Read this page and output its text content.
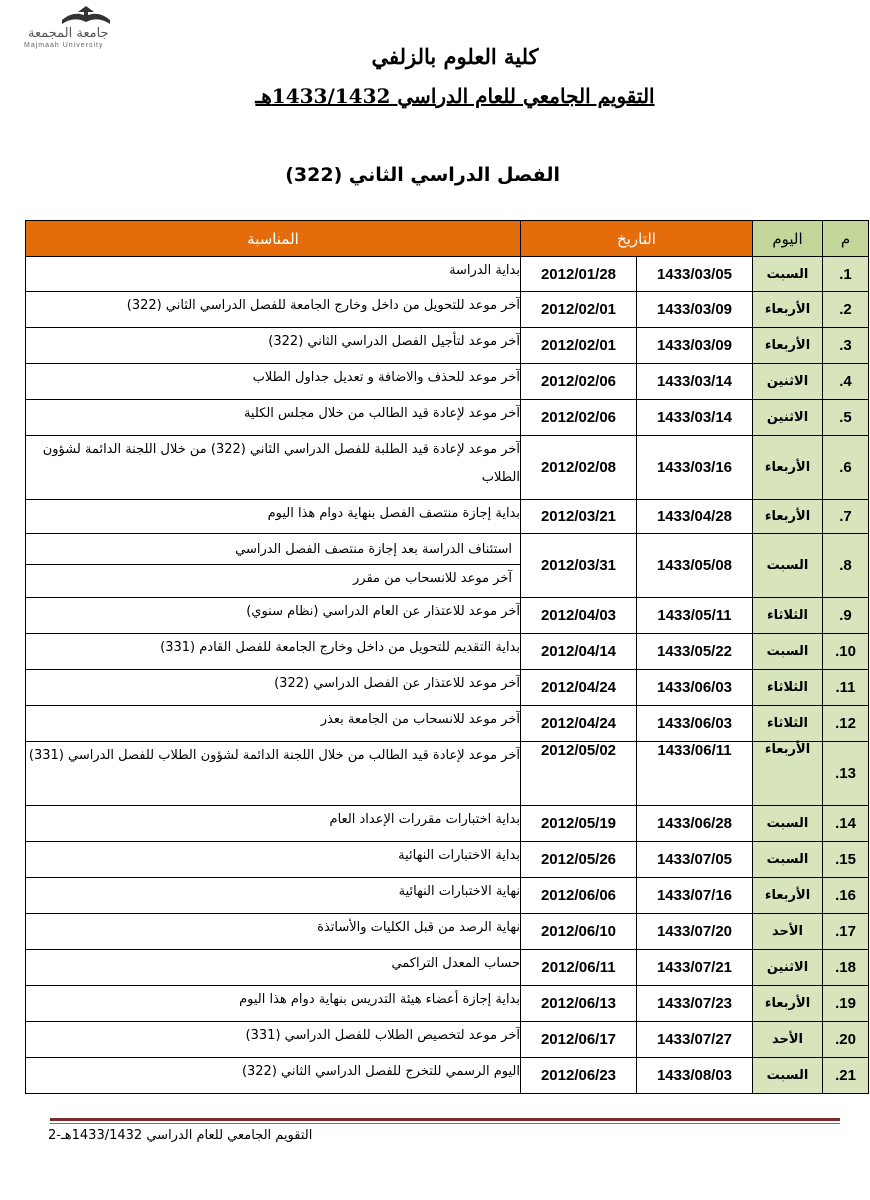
جامعة المجمعة
Majmaah University	كلية العلوم بالزلفي
التقويم الجامعي للعام الدراسي 1433/1432هـ
الفصل الدراسي الثاني (322)
م	اليوم	التاريخ		المناسبة
1.	السبت	1433/03/05	2012/01/28	بداية الدراسة
2.	الأربعاء	1433/03/09	2012/02/01	آخر موعد للتحويل من داخل وخارج الجامعة للفصل الدراسي الثاني (322)
3.	الأربعاء	1433/03/09	2012/02/01	آخر موعد لتأجيل الفصل الدراسي الثاني (322)
4.	الاثنين	1433/03/14	2012/02/06	آخر موعد للحذف والاضافة و تعديل جداول الطلاب
5.	الاثنين	1433/03/14	2012/02/06	آخر موعد لإعادة قيد الطالب من خلال مجلس الكلية
6.	الأربعاء	1433/03/16	2012/02/08	آخر موعد لإعادة قيد الطلبة للفصل الدراسي الثاني (322) من خلال اللجنة الدائمة لشؤون الطلاب
7.	الأربعاء	1433/04/28	2012/03/21	بداية إجازة منتصف الفصل بنهاية دوام هذا اليوم
8.	السبت	1433/05/08	2012/03/31	استئناف الدراسة بعد إجازة منتصف الفصل الدراسي
آخر موعد للانسحاب من مقرر

9.	الثلاثاء	1433/05/11	2012/04/03	آخر موعد للاعتذار عن العام الدراسي (نظام سنوي)
10.	السبت	1433/05/22	2012/04/14	بداية التقديم للتحويل من داخل وخارج الجامعة للفصل القادم (331)
11.	الثلاثاء	1433/06/03	2012/04/24	آخر موعد للاعتذار عن الفصل الدراسي (322)
12.	الثلاثاء	1433/06/03	2012/04/24	آخر موعد للانسحاب من الجامعة بعذر
13.	الأربعاء	1433/06/11	2012/05/02	آخر موعد لإعادة قيد الطالب من خلال اللجنة الدائمة لشؤون الطلاب للفصل الدراسي (331)
14.	السبت	1433/06/28	2012/05/19	بداية اختبارات مقررات الإعداد العام
15.	السبت	1433/07/05	2012/05/26	بداية الاختبارات النهائية
16.	الأربعاء	1433/07/16	2012/06/06	نهاية الاختبارات النهائية
17.	الأحد	1433/07/20	2012/06/10	نهاية الرصد من قبل الكليات والأساتذة
18.	الاثنين	1433/07/21	2012/06/11	حساب المعدل التراكمي
19.	الأربعاء	1433/07/23	2012/06/13	بداية إجازة أعضاء هيئة التدريس بنهاية دوام هذا اليوم
20.	الأحد	1433/07/27	2012/06/17	آخر موعد لتخصيص الطلاب للفصل الدراسي (331)
21.	السبت	1433/08/03	2012/06/23	اليوم الرسمي للتخرج للفصل الدراسي الثاني (322)
التقويم الجامعي للعام الدراسي 1433/1432هـ-2
